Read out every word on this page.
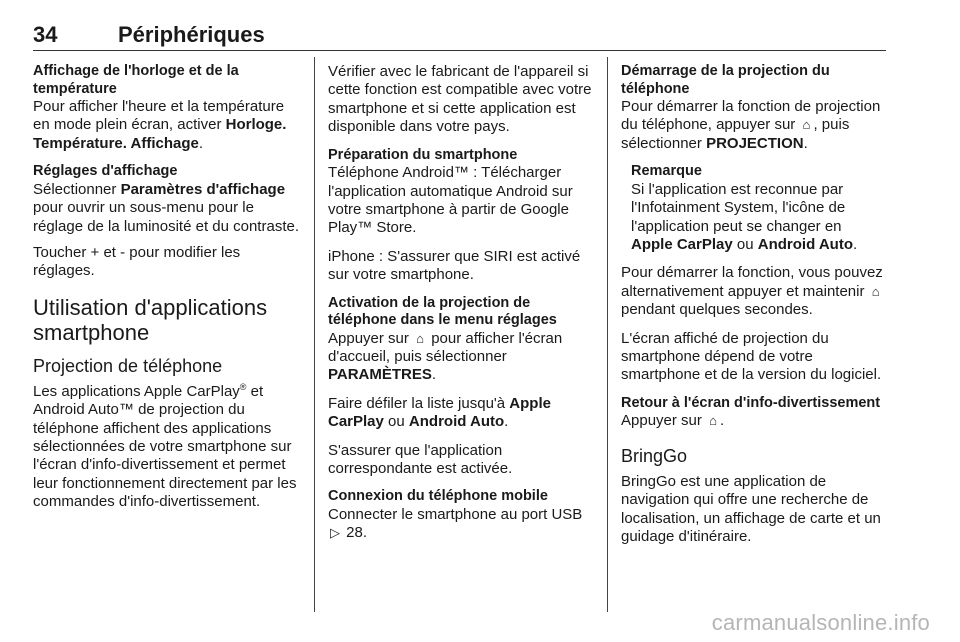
34	Périphériques
Affichage de l'horloge et de la température

Pour afficher l'heure et la température en mode plein écran, activer Horloge. Température. Affichage.

Réglages d'affichage

Sélectionner Paramètres d'affichage pour ouvrir un sous-menu pour le réglage de la luminosité et du contraste.

Toucher + et - pour modifier les réglages.

Utilisation d'applications smartphone
Projection de téléphone

Les applications Apple CarPlay® et Android Auto™ de projection du téléphone affichent des applications sélectionnées de votre smartphone sur l'écran d'info-divertissement et permet leur fonctionnement directement par les commandes d'info-divertissement.

Vérifier avec le fabricant de l'appareil si cette fonction est compatible avec votre smartphone et si cette application est disponible dans votre pays.

Préparation du smartphone

Téléphone Android™ : Télécharger l'application automatique Android sur votre smartphone à partir de Google Play™ Store.

iPhone : S'assurer que SIRI est activé sur votre smartphone.

Activation de la projection de téléphone dans le menu réglages

Appuyer sur ⌂ pour afficher l'écran d'accueil, puis sélectionner PARAMÈTRES.

Faire défiler la liste jusqu'à Apple CarPlay ou Android Auto.

S'assurer que l'application correspondante est activée.

Connexion du téléphone mobile

Connecter le smartphone au port USB ▷ 28.

Démarrage de la projection du téléphone

Pour démarrer la fonction de projection du téléphone, appuyer sur ⌂ , puis sélectionner PROJECTION.

Remarque
Si l'application est reconnue par l'Infotainment System, l'icône de l'application peut se changer en Apple CarPlay ou Android Auto.

Pour démarrer la fonction, vous pouvez alternativement appuyer et maintenir ⌂ pendant quelques secondes.

L'écran affiché de projection du smartphone dépend de votre smartphone et de la version du logiciel.

Retour à l'écran d'info-divertissement

Appuyer sur ⌂ .

BringGo

BringGo est une application de navigation qui offre une recherche de localisation, un affichage de carte et un guidage d'itinéraire.

carmanualsonline.info
